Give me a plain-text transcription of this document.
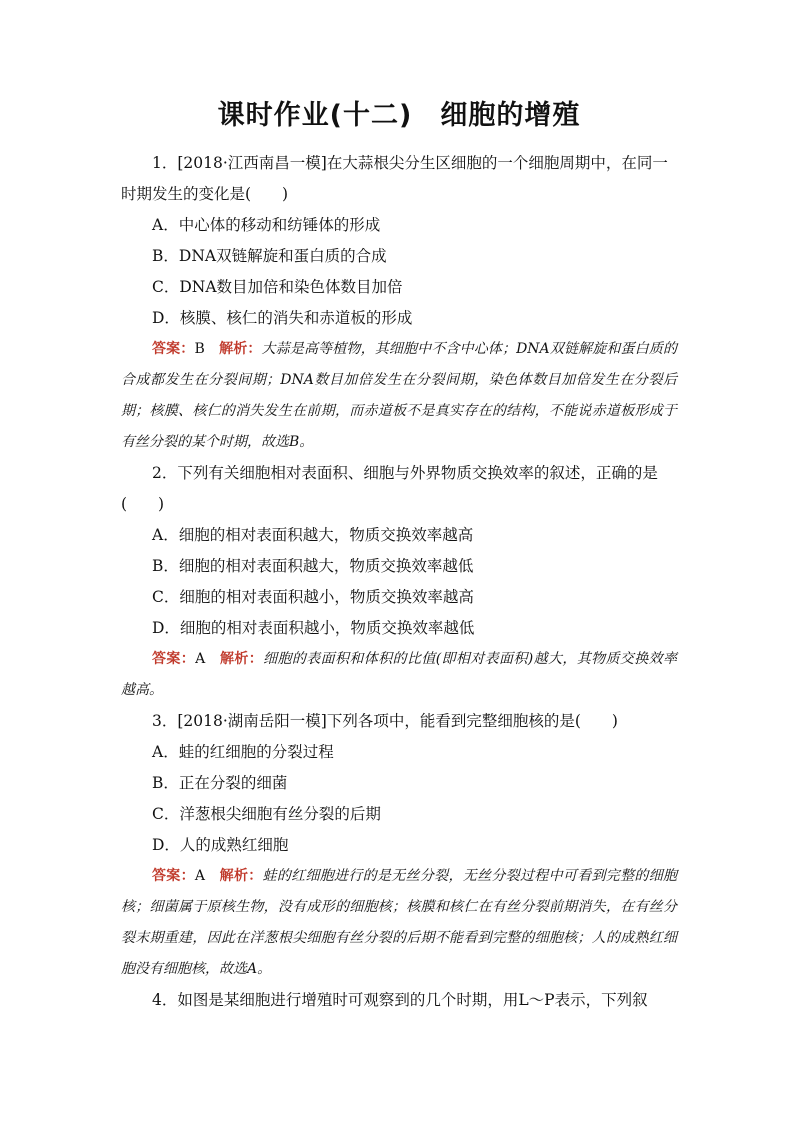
课时作业(十二)　细胞的增殖

1．[2018·江西南昌一模]在大蒜根尖分生区细胞的一个细胞周期中，在同一时期发生的变化是(　　)

A．中心体的移动和纺锤体的形成

B．DNA双链解旋和蛋白质的合成

C．DNA数目加倍和染色体数目加倍

D．核膜、核仁的消失和赤道板的形成

答案：B　 解析：大蒜是高等植物，其细胞中不含中心体；DNA双链解旋和蛋白质的合成都发生在分裂间期；DNA数目加倍发生在分裂间期，染色体数目加倍发生在分裂后期；核膜、核仁的消失发生在前期，而赤道板不是真实存在的结构，不能说赤道板形成于有丝分裂的某个时期，故选B。

2．下列有关细胞相对表面积、细胞与外界物质交换效率的叙述，正确的是(　　)

A．细胞的相对表面积越大，物质交换效率越高

B．细胞的相对表面积越大，物质交换效率越低

C．细胞的相对表面积越小，物质交换效率越高

D．细胞的相对表面积越小，物质交换效率越低

答案：A　 解析：细胞的表面积和体积的比值(即相对表面积)越大，其物质交换效率越高。

3．[2018·湖南岳阳一模]下列各项中，能看到完整细胞核的是(　　)

A．蛙的红细胞的分裂过程

B．正在分裂的细菌

C．洋葱根尖细胞有丝分裂的后期

D．人的成熟红细胞

答案：A　 解析：蛙的红细胞进行的是无丝分裂，无丝分裂过程中可看到完整的细胞核；细菌属于原核生物，没有成形的细胞核；核膜和核仁在有丝分裂前期消失，在有丝分裂末期重建，因此在洋葱根尖细胞有丝分裂的后期不能看到完整的细胞核；人的成熟红细胞没有细胞核，故选A。

4．如图是某细胞进行增殖时可观察到的几个时期，用L～P表示，下列叙
